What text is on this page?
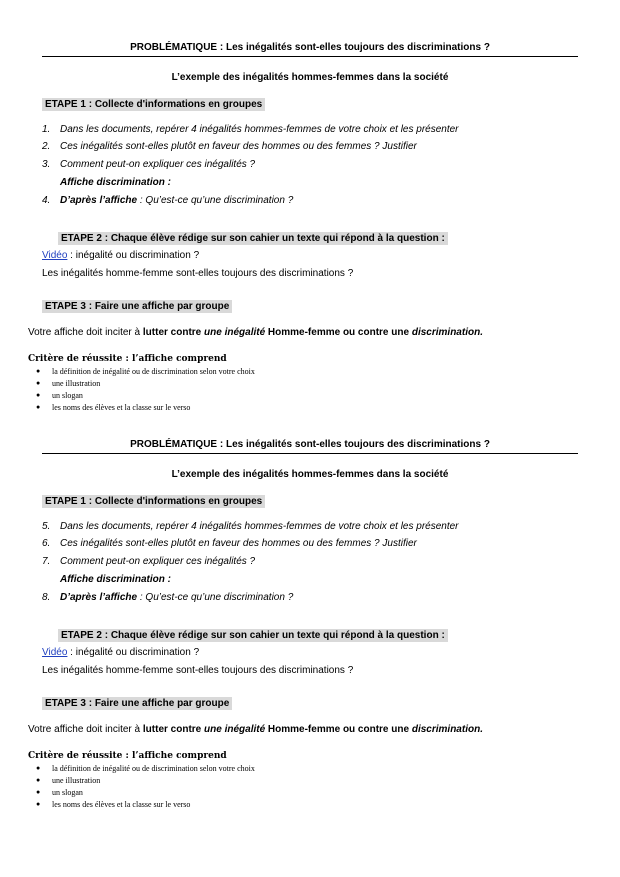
PROBLÉMATIQUE : Les inégalités sont-elles toujours des discriminations ?
L’exemple des inégalités hommes-femmes dans la société
ETAPE 1 : Collecte d'informations en groupes
1. Dans les documents, repérer 4 inégalités hommes-femmes de votre choix et les présenter
2. Ces inégalités sont-elles plutôt en faveur des hommes ou des femmes ? Justifier
3. Comment peut-on expliquer ces inégalités ?
Affiche discrimination :
4. D’après l’affiche : Qu’est-ce qu’une discrimination ?
ETAPE 2 : Chaque élève rédige sur son cahier un texte qui répond à la question :
Vidéo : inégalité ou discrimination ?
Les inégalités homme-femme sont-elles toujours des discriminations ?
ETAPE 3 : Faire une affiche par groupe
Votre affiche doit inciter à lutter contre une inégalité Homme-femme ou contre une discrimination.
Critère de réussite : l’affiche comprend
● la définition de inégalité ou de discrimination selon votre choix
● une illustration
● un slogan
● les noms des élèves et la classe sur le verso
PROBLÉMATIQUE : Les inégalités sont-elles toujours des discriminations ?
L’exemple des inégalités hommes-femmes dans la société
ETAPE 1 : Collecte d'informations en groupes
5. Dans les documents, repérer 4 inégalités hommes-femmes de votre choix et les présenter
6. Ces inégalités sont-elles plutôt en faveur des hommes ou des femmes ? Justifier
7. Comment peut-on expliquer ces inégalités ?
Affiche discrimination :
8. D’après l’affiche : Qu’est-ce qu’une discrimination ?
ETAPE 2 : Chaque élève rédige sur son cahier un texte qui répond à la question :
Vidéo : inégalité ou discrimination ?
Les inégalités homme-femme sont-elles toujours des discriminations ?
ETAPE 3 : Faire une affiche par groupe
Votre affiche doit inciter à lutter contre une inégalité Homme-femme ou contre une discrimination.
Critère de réussite : l’affiche comprend
● la définition de inégalité ou de discrimination selon votre choix
● une illustration
● un slogan
● les noms des élèves et la classe sur le verso
